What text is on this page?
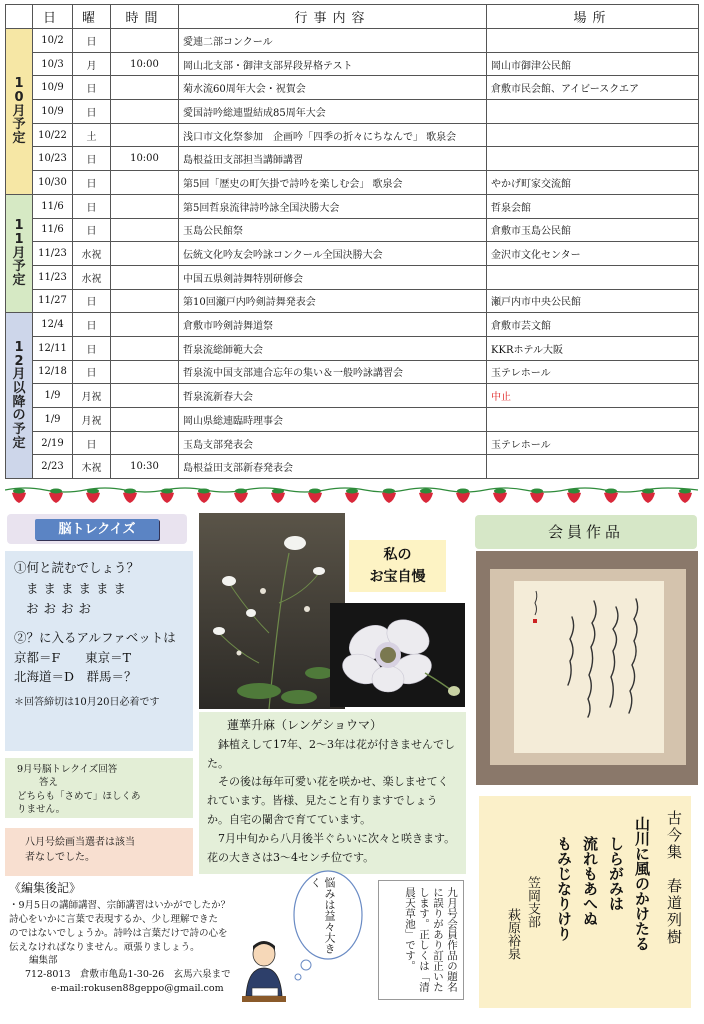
	日	曜	時間	行事内容	場所
10月予定	10/2	日		愛連二部コンクール	
	10/3	月	10:00	岡山北支部・御津支部昇段昇格テスト	岡山市御津公民館
	10/9	日		菊水流60周年大会・祝賀会	倉敷市民会館、アイビースクエア
	10/9	日		愛国詩吟総連盟結成85周年大会	
	10/22	土		浅口市文化祭参加　企画吟「四季の折々にちなんで」 歌泉会	
	10/23	日	10:00	島根益田支部担当講師講習	
	10/30	日		第5回「歴史の町矢掛で詩吟を楽しむ会」 歌泉会	やかげ町家交流館
11月予定	11/6	日		第5回哲泉流律詩吟詠全国決勝大会	哲泉会館
	11/6	日		玉島公民館祭	倉敷市玉島公民館
	11/23	水祝		伝統文化吟友会吟詠コンクール全国決勝大会	金沢市文化センター
	11/23	水祝		中国五県剣詩舞特別研修会	
	11/27	日		第10回瀬戸内吟剣詩舞発表会	瀬戸内市中央公民館
12月以降の予定	12/4	日		倉敷市吟剣詩舞道祭	倉敷市芸文館
	12/11	日		哲泉流総師範大会	KKRホテル大阪
	12/18	日		哲泉流中国支部連合忘年の集い＆一般吟詠講習会	玉テレホール
	1/9	月祝		哲泉流新春大会	中止
	1/9	月祝		岡山県総連臨時理事会	
	2/19	日		玉島支部発表会	玉テレホール
	2/23	木祝	10:30	島根益田支部新春発表会	
脳トレクイズ
①何と読むでしょう？
まままままま
おおおお
②？に入るアルファベットは
京都＝F　　東京＝T
北海道＝D　群馬＝？
＊回答締切は10月20日必着です
9月号脳トレクイズ回答
答え
どちらも「さめて」ほしくあ
りません。
八月号絵画当選者は該当
者なしでした。
私の
お宝自慢
蓮華升麻（レンゲショウマ）

鉢植えして17年、2～3年は花が付きませんでした。

その後は毎年可愛い花を咲かせ、楽しませてくれています。皆様、見たこと有りますでしょうか。自宅の闌舎で育てています。

7月中旬から八月後半ぐらいに次々と咲きます。花の大きさは3～4センチ位です。

会員作品
古今集　春道列樹
山川に風のかけたる
しらがみは
流れもあへぬ
もみじなりけり
笠岡支部
萩原裕泉
《編集後記》
・9月5日の講師講習、宗師講習はいかがでしたか？
詩心をいかに言葉で表現するか、少し理解できた
のではないでしょうか。詩吟は言葉だけで詩の心を
伝えなければなりません。頑張りましょう。
編集部
712-8013　倉敷市亀島1-30-26　玄馬六泉まで
e-mail:rokusen88geppo@gmail.com
悩みは益々大きく
九月号会員作品の題名に誤りがあり訂正いたします。正しくは「清晨天草池」です。
